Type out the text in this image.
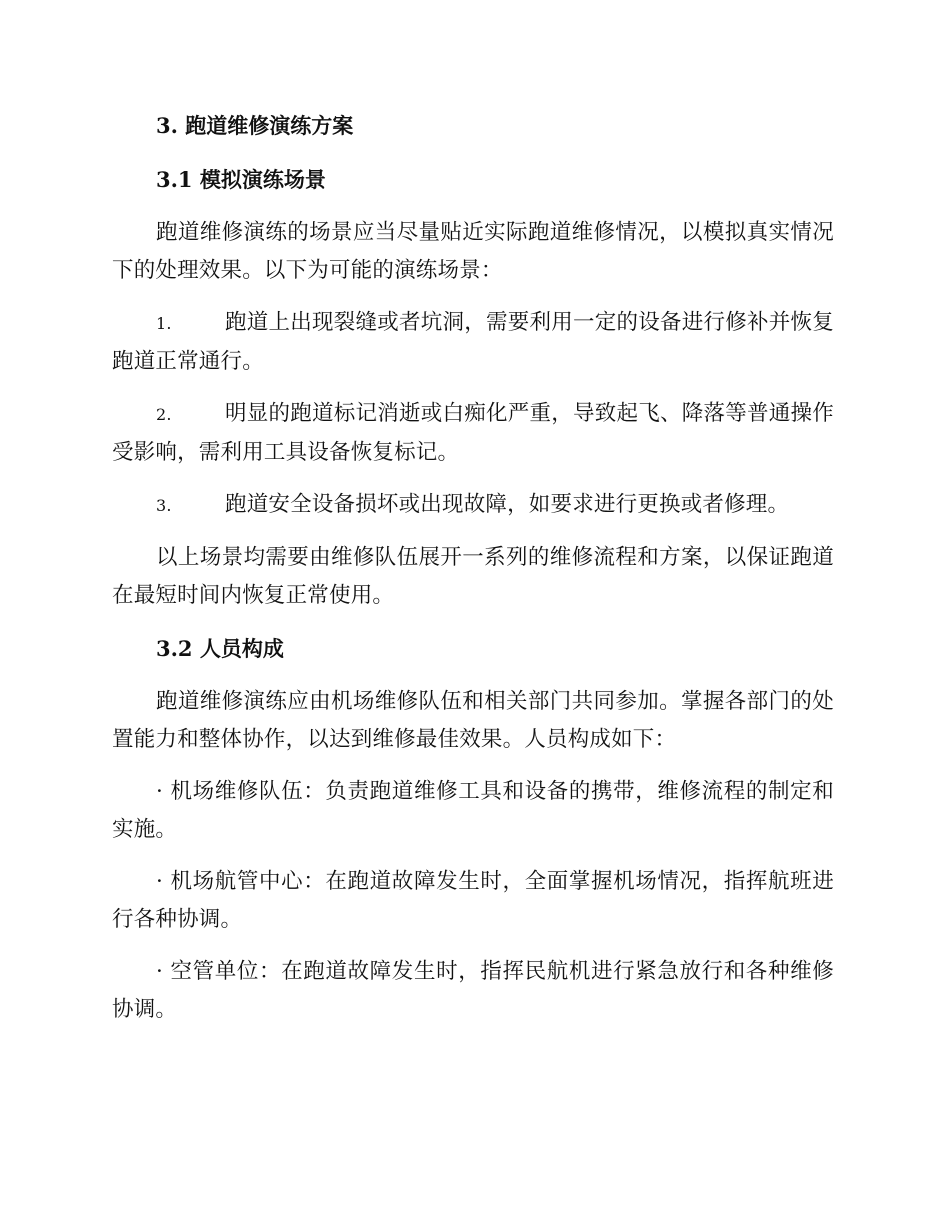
3. 跑道维修演练方案

3.1 模拟演练场景

跑道维修演练的场景应当尽量贴近实际跑道维修情况，以模拟真实情况下的处理效果。以下为可能的演练场景：

1. 跑道上出现裂缝或者坑洞，需要利用一定的设备进行修补并恢复跑道正常通行。

2. 明显的跑道标记消逝或白痴化严重，导致起飞、降落等普通操作受影响，需利用工具设备恢复标记。

3. 跑道安全设备损坏或出现故障，如要求进行更换或者修理。

以上场景均需要由维修队伍展开一系列的维修流程和方案，以保证跑道在最短时间内恢复正常使用。

3.2 人员构成

跑道维修演练应由机场维修队伍和相关部门共同参加。掌握各部门的处置能力和整体协作，以达到维修最佳效果。人员构成如下：

· 机场维修队伍：负责跑道维修工具和设备的携带，维修流程的制定和实施。

· 机场航管中心：在跑道故障发生时，全面掌握机场情况，指挥航班进行各种协调。

· 空管单位：在跑道故障发生时，指挥民航机进行紧急放行和各种维修协调。
